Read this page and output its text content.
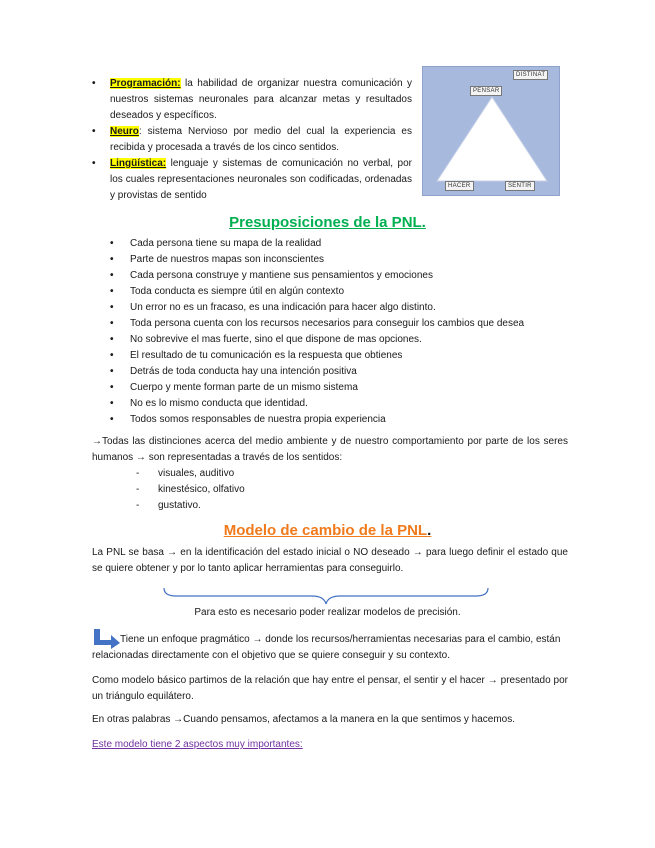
• Programación: la habilidad de organizar nuestra comunicación y nuestros sistemas neuronales para alcanzar metas y resultados deseados y específicos.
• Neuro: sistema Nervioso por medio del cual la experiencia es recibida y procesada a través de los cinco sentidos.
• Lingüística: lenguaje y sistemas de comunicación no verbal, por los cuales representaciones neuronales son codificadas, ordenadas y provistas de sentido
DISTINAT
PENSAR
HACER	SENTIR
Presuposiciones de la PNL.
• Cada persona tiene su mapa de la realidad
• Parte de nuestros mapas son inconscientes
• Cada persona construye y mantiene sus pensamientos y emociones
• Toda conducta es siempre útil en algún contexto
• Un error no es un fracaso, es una indicación para hacer algo distinto.
• Toda persona cuenta con los recursos necesarios para conseguir los cambios que desea
• No sobrevive el mas fuerte, sino el que dispone de mas opciones.
• El resultado de tu comunicación es la respuesta que obtienes
• Detrás de toda conducta hay una intención positiva
• Cuerpo y mente forman parte de un mismo sistema
• No es lo mismo conducta que identidad.
• Todos somos responsables de nuestra propia experiencia
→Todas las distinciones acerca del medio ambiente y de nuestro comportamiento por parte de los seres humanos → son representadas a través de los sentidos:
- visuales, auditivo
- kinestésico, olfativo
- gustativo.
Modelo de cambio de la PNL.
La PNL se basa → en la identificación del estado inicial o NO deseado → para luego definir el estado que se quiere obtener y por lo tanto aplicar herramientas para conseguirlo.
Para esto es necesario poder realizar modelos de precisión.
Tiene un enfoque pragmático → donde los recursos/herramientas necesarias para el cambio, están relacionadas directamente con el objetivo que se quiere conseguir y su contexto.
Como modelo básico partimos de la relación que hay entre el pensar, el sentir y el hacer → presentado por un triángulo equilátero.
En otras palabras →Cuando pensamos, afectamos a la manera en la que sentimos y hacemos.
Este modelo tiene 2 aspectos muy importantes:
